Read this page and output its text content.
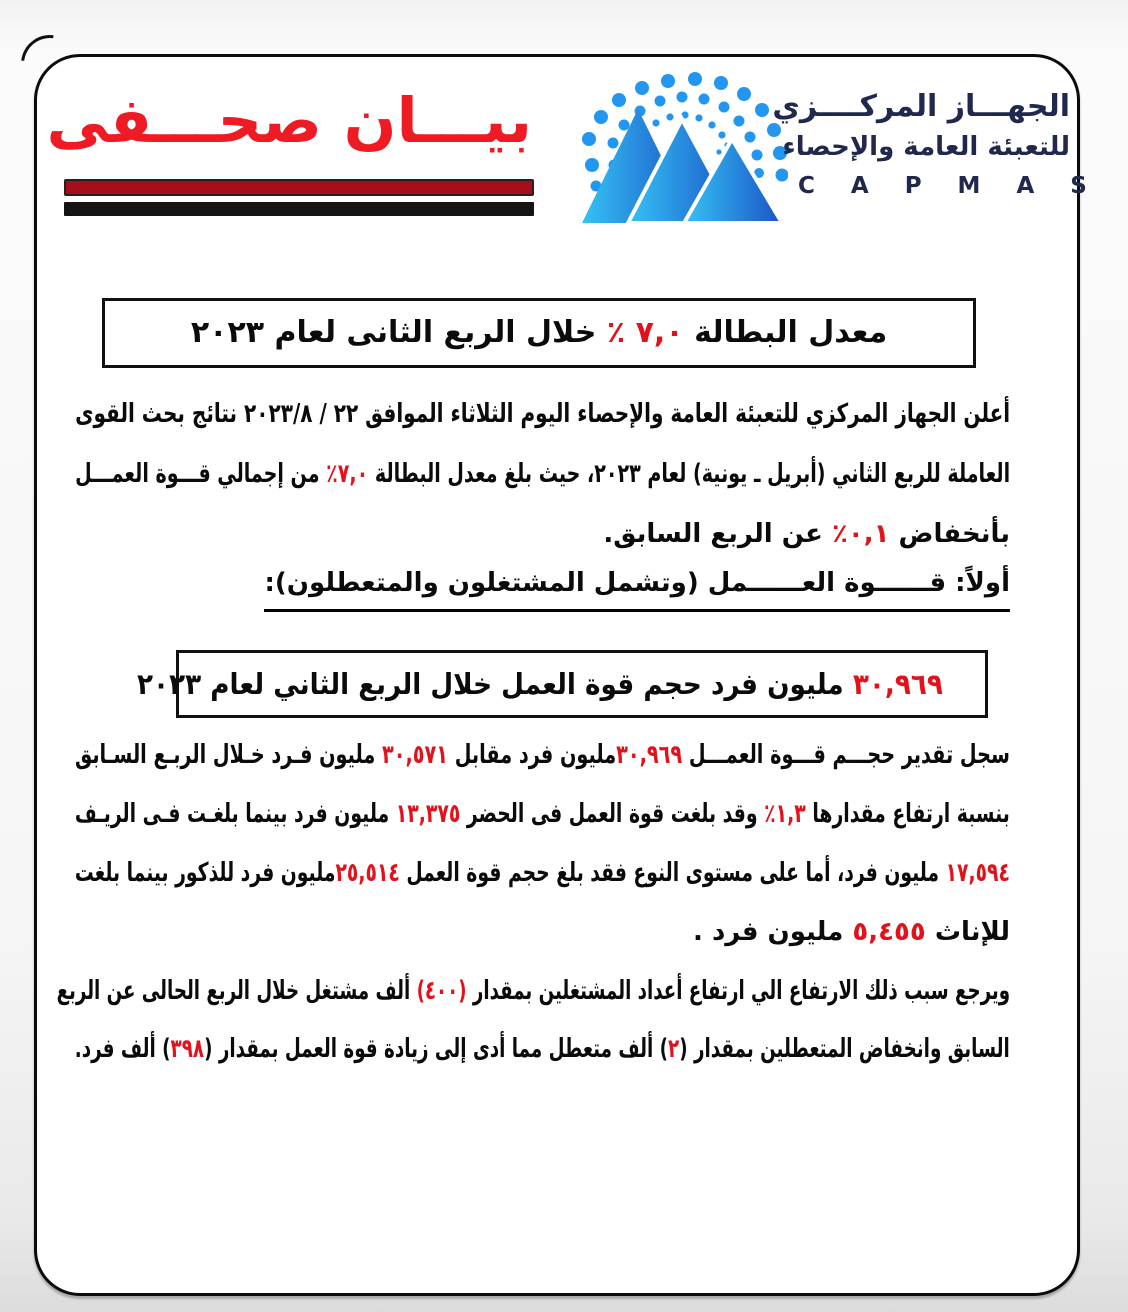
بيـــان صحـــفى	الجهـــاز المركــــزي
للتعبئة العامة والإحصاء
C A P M A S
معدل البطالة ٧,٠ ٪ خلال الربع الثانى لعام ٢٠٢٣
أعلن الجهاز المركزي للتعبئة العامة والإحصاء اليوم الثلاثاء الموافق ٢٢ / ٢٠٢٣/٨ نتائج بحث القوى
العاملة للربع الثاني (أبريل ـ يونية) لعام ٢٠٢٣، حيث بلغ معدل البطالة ٧,٠٪ من إجمالي قـــوة العمـــل
بأنخفاض ٠,١٪ عن الربع السابق.
أولاً: قــــــوة العــــــمل (وتشمل المشتغلون والمتعطلون):
٣٠,٩٦٩ مليون فرد حجم قوة العمل خلال الربع الثاني لعام ٢٠٢٣
سجل تقدير حجـــم قـــوة العمـــل ٣٠,٩٦٩مليون فرد مقابل ٣٠,٥٧١ مليون فـرد خـلال الربـع السـابق
بنسبة ارتفاع مقدارها ١,٣٪ وقد بلغت قوة العمل فى الحضر ١٣,٣٧٥ مليون فرد بينما بلغـت فـى الريـف
١٧,٥٩٤ مليون فرد، أما على مستوى النوع فقد بلغ حجم قوة العمل ٢٥,٥١٤مليون فرد للذكور بينما بلغت
للإناث ٥,٤٥٥ مليون فرد .
ويرجع سبب ذلك الارتفاع الي ارتفاع أعداد المشتغلين بمقدار (٤٠٠) ألف مشتغل خلال الربع الحالى عن الربع
السابق وانخفاض المتعطلين بمقدار (٢) ألف متعطل مما أدى إلى زيادة قوة العمل بمقدار (٣٩٨) ألف فرد.
